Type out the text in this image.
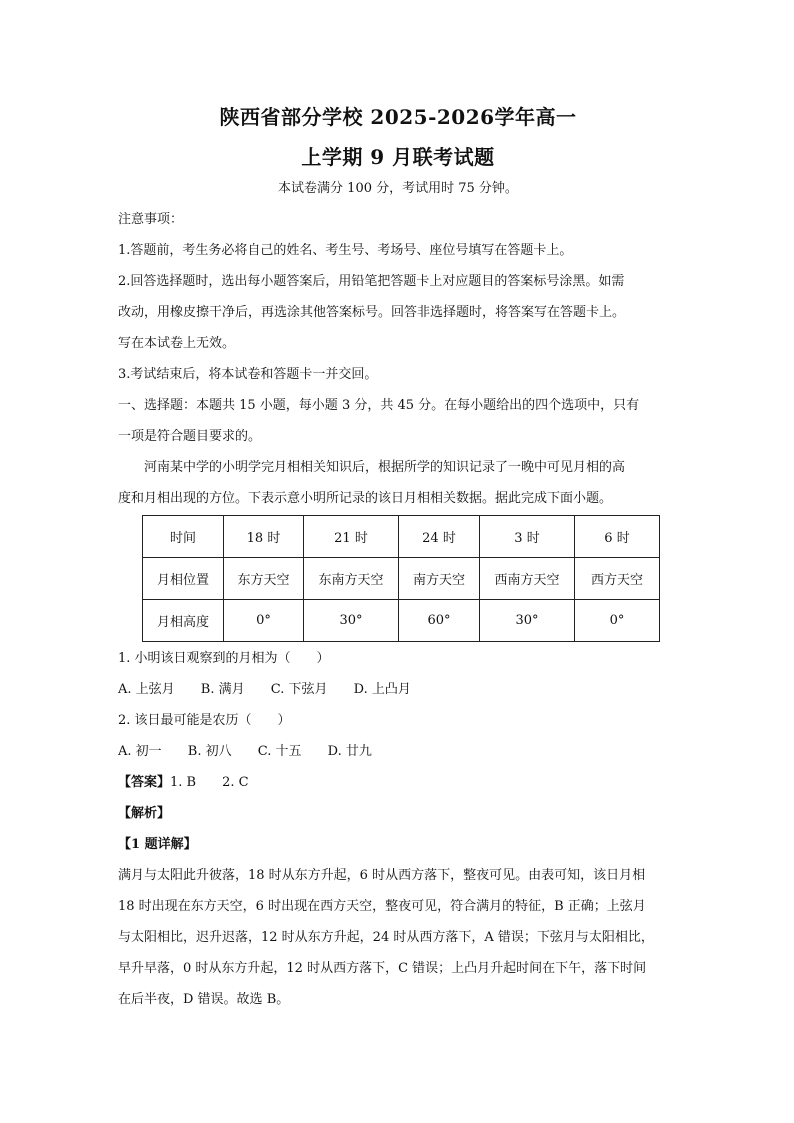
陕西省部分学校 2025-2026学年高一
上学期 9 月联考试题
本试卷满分 100 分，考试用时 75 分钟。
注意事项：
1.答题前，考生务必将自己的姓名、考生号、考场号、座位号填写在答题卡上。
2.回答选择题时，选出每小题答案后，用铅笔把答题卡上对应题目的答案标号涂黑。如需
改动，用橡皮擦干净后，再选涂其他答案标号。回答非选择题时，将答案写在答题卡上。
写在本试卷上无效。
3.考试结束后，将本试卷和答题卡一并交回。
一、选择题：本题共 15 小题，每小题 3 分，共 45 分。在每小题给出的四个选项中，只有
一项是符合题目要求的。
河南某中学的小明学完月相相关知识后，根据所学的知识记录了一晚中可见月相的高
度和月相出现的方位。下表示意小明所记录的该日月相相关数据。据此完成下面小题。
时间	18 时	21 时	24 时	3 时	6 时
月相位置	东方天空	东南方天空	南方天空	西南方天空	西方天空
月相高度	0°	30°	60°	30°	0°
1. 小明该日观察到的月相为（　　）
A. 上弦月 B. 满月 C. 下弦月 D. 上凸月
2. 该日最可能是农历（　　）
A. 初一 B. 初八 C. 十五 D. 廿九
【答案】1. B　　2. C
【解析】
【1 题详解】
满月与太阳此升彼落，18 时从东方升起，6 时从西方落下，整夜可见。由表可知，该日月相
18 时出现在东方天空，6 时出现在西方天空，整夜可见，符合满月的特征，B 正确；上弦月
与太阳相比，迟升迟落，12 时从东方升起，24 时从西方落下，A 错误；下弦月与太阳相比，
早升早落，0 时从东方升起，12 时从西方落下，C 错误；上凸月升起时间在下午，落下时间
在后半夜，D 错误。故选 B。
